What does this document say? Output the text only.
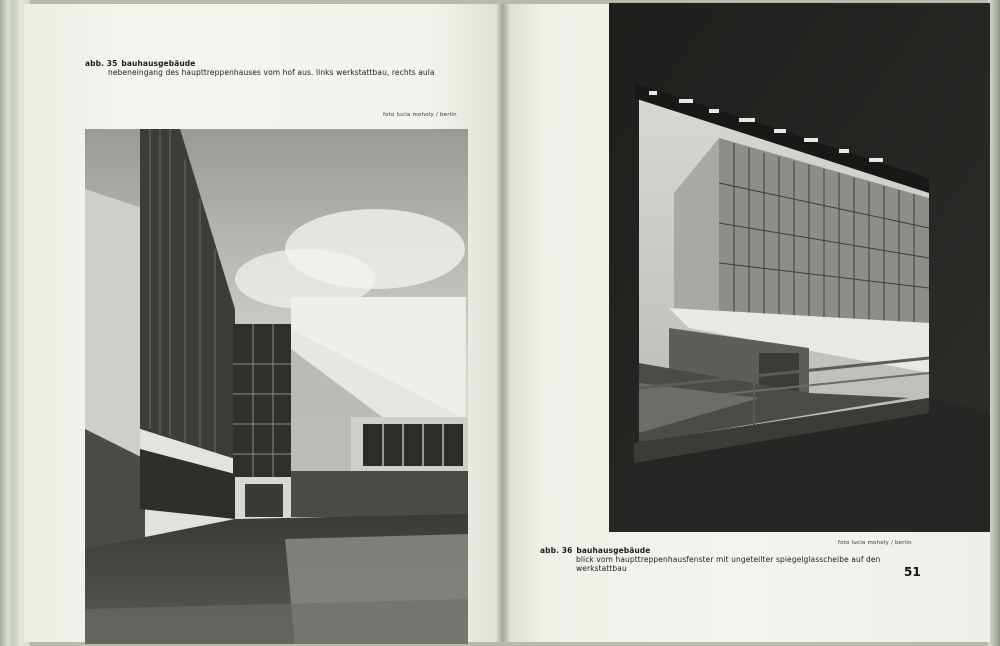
abb. 35 bauhausgebäude
nebeneingang des haupttreppenhauses vom hof aus. links werkstattbau, rechts aula
foto lucia moholy / berlin
foto lucia moholy / berlin
abb. 36 bauhausgebäude
blick vom haupttreppenhausfenster mit ungeteilter spiegelglasscheibe auf den werkstattbau	51
